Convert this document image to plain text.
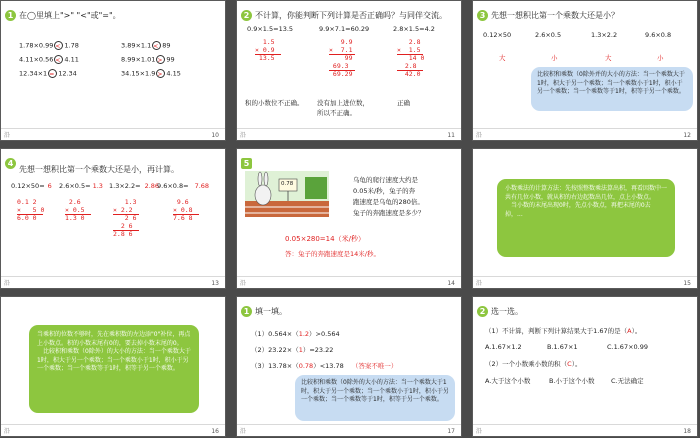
1 在◯里填上">" "<"或"="。
1.78×0.99 < 1.78	3.89×1.1 < 89
4.11×0.56 < 4.11	8.99×1.01 > 99
12.34×1 = 12.34	34.15×1.9 > 4.15
沿	10
2 不计算，你能判断下列计算是否正确吗？与同伴交流。
0.9×1.5=13.5	9.9×7.1=60.29	2.8×1.5=4.2
1.5
× 0.9
13.5
9.9
×  7.1
99
69.3
69.29
2.8
×  1.5
14 0
2.8
42.0
积的小数位不正确。 没有加上进位数，所以不正确。
正确
沿	11
3 先想一想积比第一个乘数大还是小？
0.12×50	2.6×0.5	1.3×2.2	9.6×0.8
大	小	大	小
比较积和乘数（0除外并的大小的方法：当一个乘数大于1时，积大于另一个乘数；当一个乘数小于1时，积小于另一个乘数；当一个乘数等于1时，积等于另一个乘数。
沿	12
4
先想一想积比第一个乘数大还是小，再计算。
0.12×50= 6 2.6×0.5= 1.3 1.3×2.2= 2.86
9.6×0.8= 7.68
0.1 2
×   5 0
6.0 0
2.6
× 0.5
1.3 0
1.3
× 2.2
2 6
2 6
2.8 6
9.6
× 0.8
7.6 8
沿	13
5
0.78	乌龟的爬行速度大约是
0.05米/秒，兔子的奔
跑速度是乌龟的280倍。
兔子的奔跑速度是多少？
0.05×280=14（米/秒）
答：兔子的奔跑速度是14米/秒。
沿	14
小数乘法的计算方法：先按照整数乘法算出积，再看因数中一共有几位小数，就从积的右边起数出几位，点上小数点。
　当小数的末尾出现0时，先点小数点，再把末尾的0去掉，...
沿	15
当乘积的位数不够时，先在乘积数的左边添"0"补位，再点上小数点。积的小数末尾有0的，要去掉小数末尾的0。
　比较积和乘数（0除外）的大小的方法：当一个乘数大于1时，积大于另一个乘数；当一个乘数小于1时，积小于另一个乘数；当一个乘数等于1时，积等于另一个乘数。
沿	16
1 填一填。
（1）0.564×（1.2）>0.564
（2）23.22×（1）=23.22
（3）13.78×（0.78）<13.78 （答案不唯一）
比较积和乘数（0除外的大小的方法：当一个乘数大于1时，积大于另一个乘数；当一个乘数小于1时，积小于另一个乘数；当一个乘数等于1时，积等于另一个乘数。
沿	17
2 选一选。
（1）不计算，判断下列计算结果大于1.67的是（A）。
A.1.67×1.2	B.1.67×1	C.1.67×0.99
（2）一个小数乘小数的积（C）。
A.大于这个小数	B.小于这个小数	C.无法确定
沿	18
